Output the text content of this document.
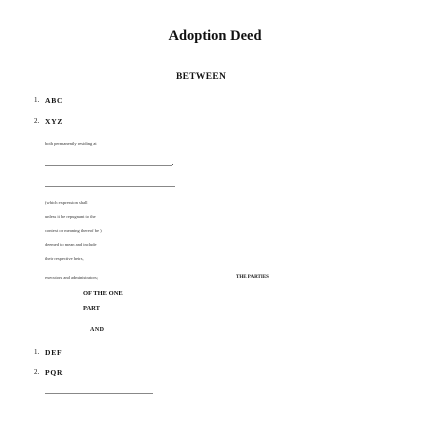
Adoption Deed
BETWEEN
1. ABC
2. XYZ
both permanently residing at
(which expression shall
unless it be repugnant to the
context or meaning thereof be )
deemed to mean and include
their respective heirs,
executors and administrators;	THE PARTIES
OF THE ONE
PART
AND
1. DEF
2. PQR
